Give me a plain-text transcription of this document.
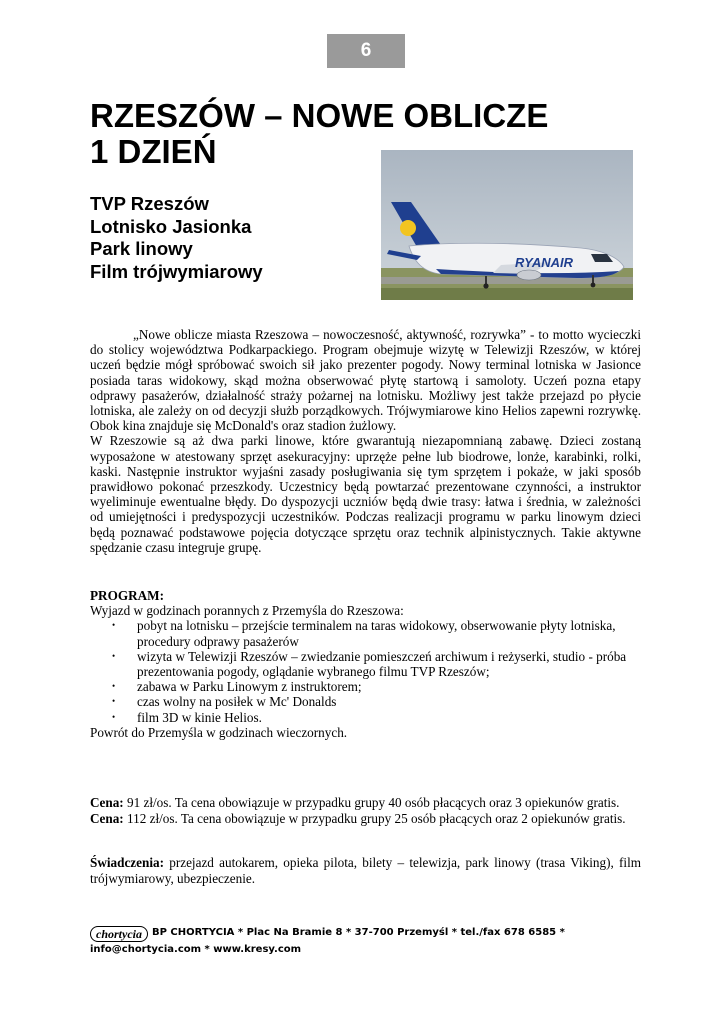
6
RZESZÓW – NOWE OBLICZE
1 DZIEŃ
TVP Rzeszów
Lotnisko Jasionka
Park linowy
Film trójwymiarowy	RYANAIR

„Nowe oblicze miasta Rzeszowa – nowoczesność, aktywność, rozrywka” - to motto wycieczki do stolicy województwa Podkarpackiego. Program obejmuje wizytę w Telewizji Rzeszów, w której uczeń będzie mógł spróbować swoich sił jako prezenter pogody. Nowy terminal lotniska w Jasionce posiada taras widokowy, skąd można obserwować płytę startową i samoloty. Uczeń pozna etapy odprawy pasażerów, działalność straży pożarnej na lotnisku. Możliwy jest także przejazd po płycie lotniska, ale zależy on od decyzji służb porządkowych. Trójwymiarowe kino Helios zapewni rozrywkę. Obok kina znajduje się McDonald's oraz stadion żużlowy.

W Rzeszowie są aż dwa parki linowe, które gwarantują niezapomnianą zabawę. Dzieci zostaną wyposażone w atestowany sprzęt asekuracyjny: uprzęże pełne lub biodrowe, lonże, karabinki, rolki, kaski. Następnie instruktor wyjaśni zasady posługiwania się tym sprzętem i pokaże, w jaki sposób prawidłowo pokonać przeszkody. Uczestnicy będą powtarzać prezentowane czynności, a instruktor wyeliminuje ewentualne błędy. Do dyspozycji uczniów będą dwie trasy: łatwa i średnia, w zależności od umiejętności i predyspozycji uczestników. Podczas realizacji programu w parku linowym dzieci będą poznawać podstawowe pojęcia dotyczące sprzętu oraz technik alpinistycznych. Takie aktywne spędzanie czasu integruje grupę.

PROGRAM:
Wyjazd w godzinach porannych z Przemyśla do Rzeszowa:
• pobyt na lotnisku – przejście terminalem na taras widokowy, obserwowanie płyty lotniska, procedury odprawy pasażerów
• wizyta w Telewizji Rzeszów – zwiedzanie pomieszczeń archiwum i reżyserki, studio - próba prezentowania pogody, oglądanie wybranego filmu TVP Rzeszów;
• zabawa w Parku Linowym z instruktorem;
• czas wolny na posiłek w Mc' Donalds
• film 3D w kinie Helios.
Powrót do Przemyśla w godzinach wieczornych.
Cena: 91 zł/os. Ta cena obowiązuje w przypadku grupy 40 osób płacących oraz 3 opiekunów gratis.
Cena: 112 zł/os. Ta cena obowiązuje w przypadku grupy 25 osób płacących oraz 2 opiekunów gratis.
Świadczenia: przejazd autokarem, opieka pilota, bilety – telewizja, park linowy (trasa Viking), film trójwymiarowy, ubezpieczenie.
chortycia BP CHORTYCIA * Plac Na Bramie 8 * 37-700 Przemyśl * tel./fax 678 6585 * info@chortycia.com * www.kresy.com
